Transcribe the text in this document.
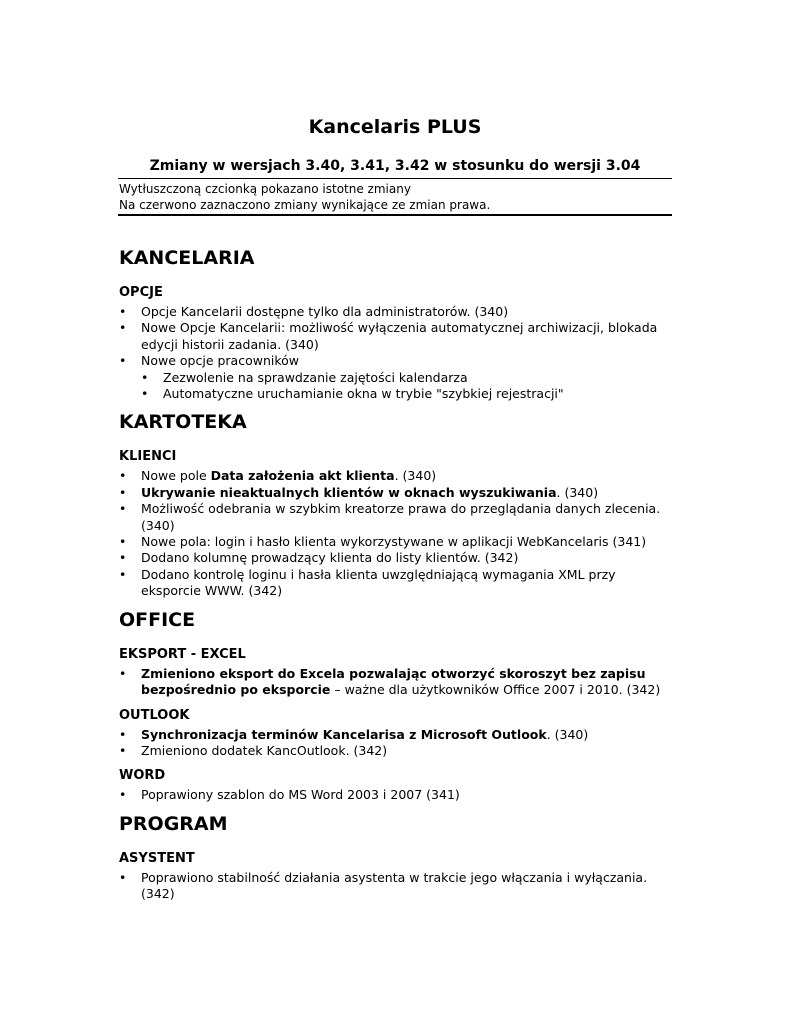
Kancelaris PLUS
Zmiany w wersjach 3.40, 3.41, 3.42 w stosunku do wersji 3.04

Wytłuszczoną czcionką pokazano istotne zmiany

Na czerwono zaznaczono zmiany wynikające ze zmian prawa.

KANCELARIA
OPCJE
• Opcje Kancelarii dostępne tylko dla administratorów. (340)
• Nowe Opcje Kancelarii: możliwość wyłączenia automatycznej archiwizacji, blokada edycji historii zadania. (340)
• Nowe opcje pracowników
• Zezwolenie na sprawdzanie zajętości kalendarza
• Automatyczne uruchamianie okna w trybie "szybkiej rejestracji"
KARTOTEKA
KLIENCI
• Nowe pole Data założenia akt klienta. (340)
• Ukrywanie nieaktualnych klientów w oknach wyszukiwania. (340)
• Możliwość odebrania w szybkim kreatorze prawa do przeglądania danych zlecenia. (340)
• Nowe pola: login i hasło klienta wykorzystywane w aplikacji WebKancelaris (341)
• Dodano kolumnę prowadzący klienta do listy klientów. (342)
• Dodano kontrolę loginu i hasła klienta uwzględniającą wymagania XML przy eksporcie WWW. (342)
OFFICE
EKSPORT - EXCEL
• Zmieniono eksport do Excela pozwalając otworzyć skoroszyt bez zapisu bezpośrednio po eksporcie – ważne dla użytkowników Office 2007 i 2010. (342)
OUTLOOK
• Synchronizacja terminów Kancelarisa z Microsoft Outlook. (340)
• Zmieniono dodatek KancOutlook. (342)
WORD
• Poprawiony szablon do MS Word 2003 i 2007 (341)
PROGRAM
ASYSTENT
• Poprawiono stabilność działania asystenta w trakcie jego włączania i wyłączania. (342)
